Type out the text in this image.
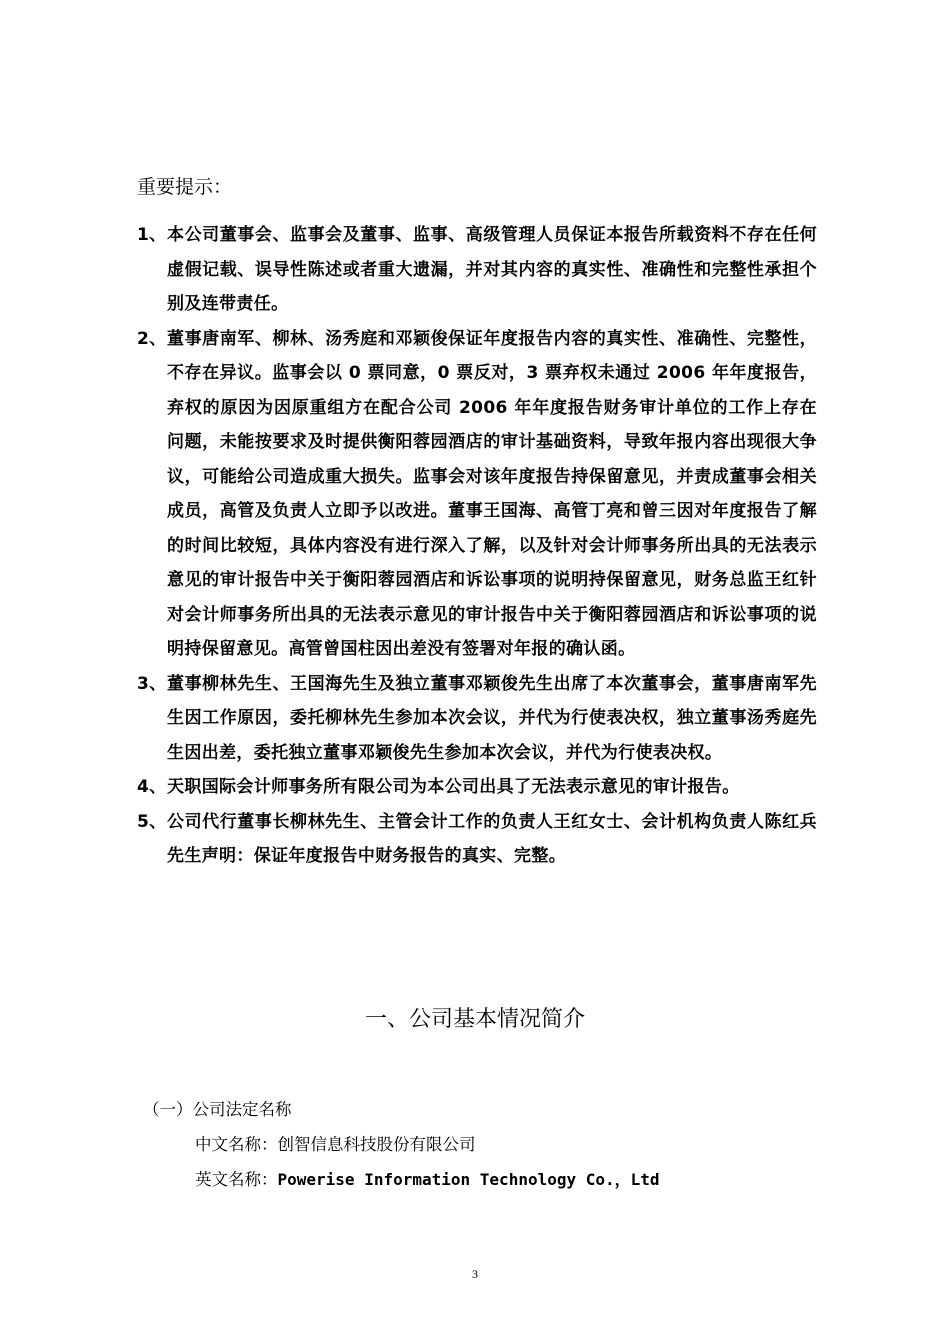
重要提示：
1、 本公司董事会、监事会及董事、监事、高级管理人员保证本报告所载资料不存在任何虚假记载、误导性陈述或者重大遗漏，并对其内容的真实性、准确性和完整性承担个别及连带责任。
2、 董事唐南军、柳林、汤秀庭和邓颖俊保证年度报告内容的真实性、准确性、完整性，不存在异议。监事会以 0 票同意，0 票反对，3 票弃权未通过 2006 年年度报告，弃权的原因为因原重组方在配合公司 2006 年年度报告财务审计单位的工作上存在问题，未能按要求及时提供衡阳蓉园酒店的审计基础资料，导致年报内容出现很大争议，可能给公司造成重大损失。监事会对该年度报告持保留意见，并责成董事会相关成员，高管及负责人立即予以改进。董事王国海、高管丁亮和曾三因对年度报告了解的时间比较短，具体内容没有进行深入了解，以及针对会计师事务所出具的无法表示意见的审计报告中关于衡阳蓉园酒店和诉讼事项的说明持保留意见，财务总监王红针对会计师事务所出具的无法表示意见的审计报告中关于衡阳蓉园酒店和诉讼事项的说明持保留意见。高管曾国柱因出差没有签署对年报的确认函。
3、 董事柳林先生、王国海先生及独立董事邓颖俊先生出席了本次董事会，董事唐南军先生因工作原因，委托柳林先生参加本次会议，并代为行使表决权，独立董事汤秀庭先生因出差，委托独立董事邓颖俊先生参加本次会议，并代为行使表决权。
4、 天职国际会计师事务所有限公司为本公司出具了无法表示意见的审计报告。
5、 公司代行董事长柳林先生、主管会计工作的负责人王红女士、会计机构负责人陈红兵先生声明：保证年度报告中财务报告的真实、完整。
一、公司基本情况简介
（一）公司法定名称
中文名称：创智信息科技股份有限公司
英文名称：Powerise Information Technology Co.，Ltd
3
